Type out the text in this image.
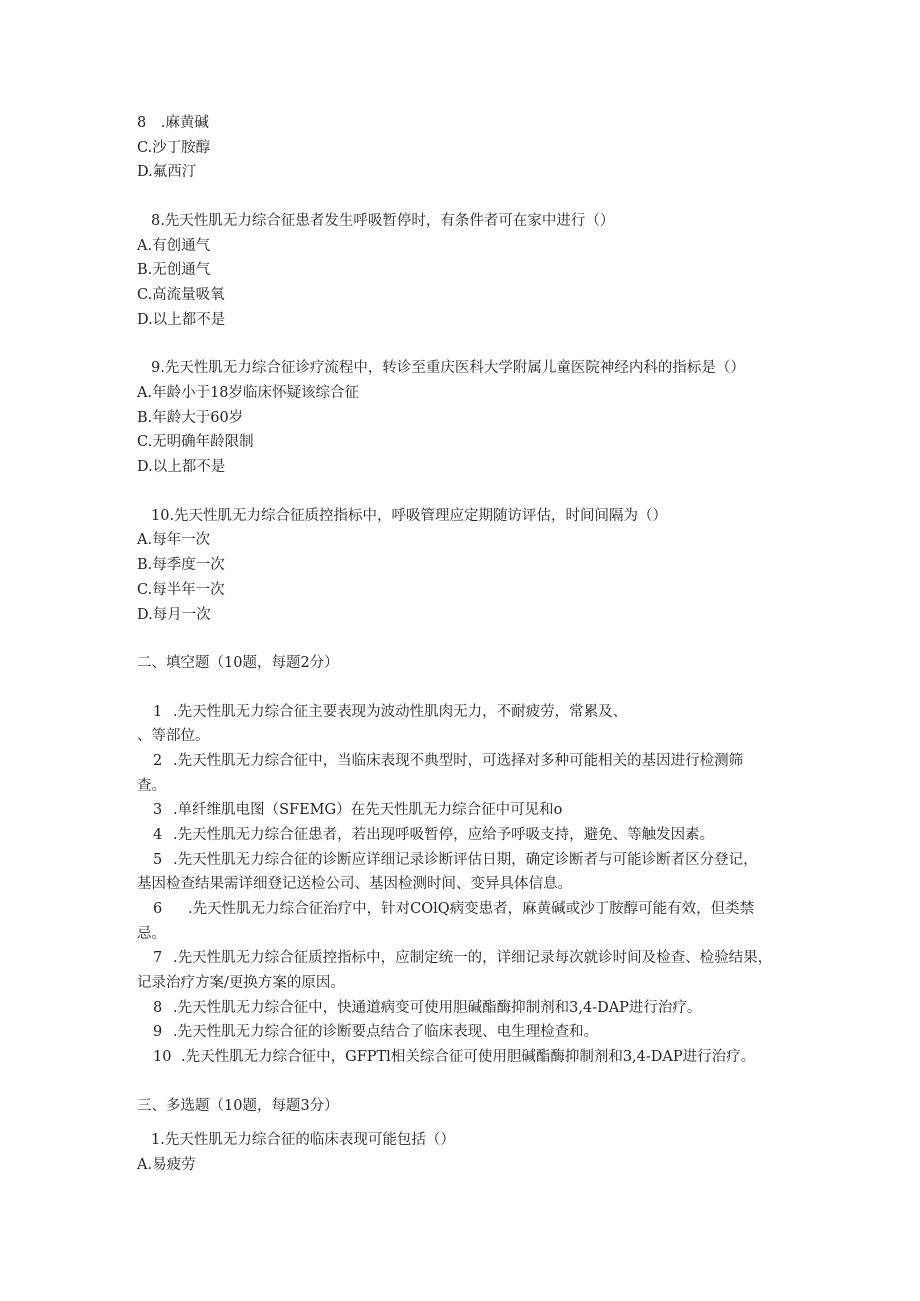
8　.麻黄碱
C.沙丁胺醇
D.氟西汀
8.先天性肌无力综合征患者发生呼吸暂停时，有条件者可在家中进行（）
A.有创通气
B.无创通气
C.高流量吸氧
D.以上都不是
9.先天性肌无力综合征诊疗流程中，转诊至重庆医科大学附属儿童医院神经内科的指标是（）
A.年龄小于18岁临床怀疑该综合征
B.年龄大于60岁
C.无明确年龄限制
D.以上都不是
10.先天性肌无力综合征质控指标中，呼吸管理应定期随访评估，时间间隔为（）
A.每年一次
B.每季度一次
C.每半年一次
D.每月一次
二、填空题（10题，每题2分）
1 .先天性肌无力综合征主要表现为波动性肌肉无力，不耐疲劳，常累及、
、等部位。
2 .先天性肌无力综合征中，当临床表现不典型时，可选择对多种可能相关的基因进行检测筛
查。
3 .单纤维肌电图（SFEMG）在先天性肌无力综合征中可见和o
4 .先天性肌无力综合征患者，若出现呼吸暂停，应给予呼吸支持，避免、等触发因素。
5 .先天性肌无力综合征的诊断应详细记录诊断评估日期，确定诊断者与可能诊断者区分登记，
基因检查结果需详细登记送检公司、基因检测时间、变异具体信息。
6 .先天性肌无力综合征治疗中，针对COlQ病变患者，麻黄碱或沙丁胺醇可能有效，但类禁
忌。
7 .先天性肌无力综合征质控指标中，应制定统一的，详细记录每次就诊时间及检查、检验结果，
记录治疗方案/更换方案的原因。
8 .先天性肌无力综合征中，快通道病变可使用胆碱酯酶抑制剂和3,4-DAP进行治疗。
9 .先天性肌无力综合征的诊断要点结合了临床表现、电生理检查和。
10 .先天性肌无力综合征中，GFPTl相关综合征可使用胆碱酯酶抑制剂和3,4-DAP进行治疗。
三、多选题（10题，每题3分）
1.先天性肌无力综合征的临床表现可能包括（）
A.易疲劳
